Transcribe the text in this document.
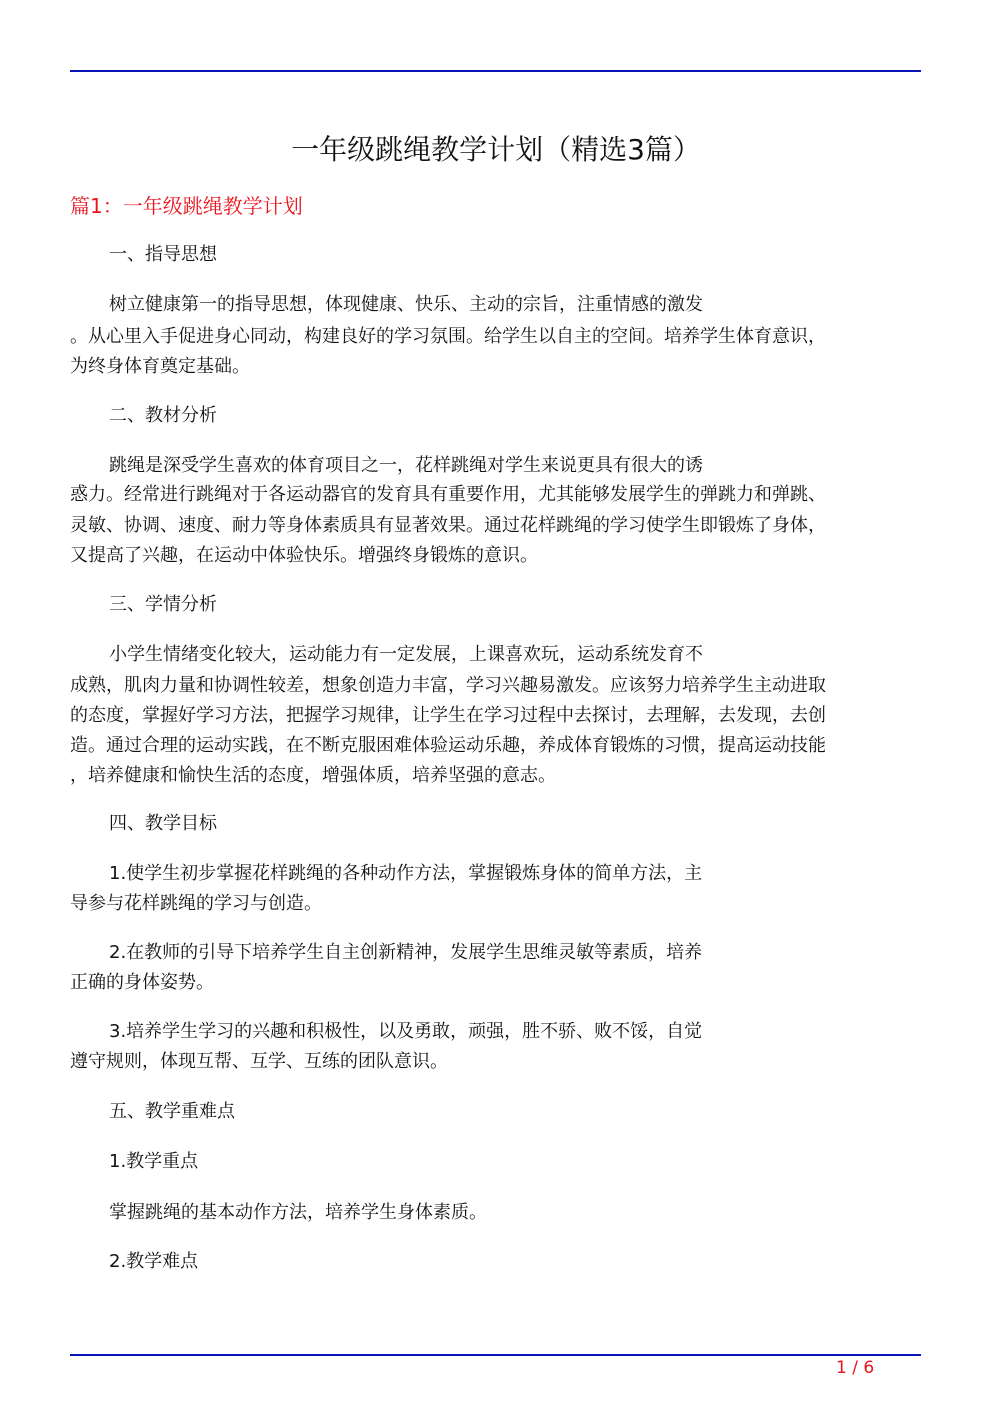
一年级跳绳教学计划（精选3篇）
篇1：一年级跳绳教学计划
一、指导思想
树立健康第一的指导思想，体现健康、快乐、主动的宗旨，注重情感的激发
。从心里入手促进身心同动，构建良好的学习氛围。给学生以自主的空间。培养学生体育意识，
为终身体育奠定基础。
二、教材分析
跳绳是深受学生喜欢的体育项目之一，花样跳绳对学生来说更具有很大的诱
惑力。经常进行跳绳对于各运动器官的发育具有重要作用，尤其能够发展学生的弹跳力和弹跳、
灵敏、协调、速度、耐力等身体素质具有显著效果。通过花样跳绳的学习使学生即锻炼了身体，
又提高了兴趣，在运动中体验快乐。增强终身锻炼的意识。
三、学情分析
小学生情绪变化较大，运动能力有一定发展，上课喜欢玩，运动系统发育不
成熟，肌肉力量和协调性较差，想象创造力丰富，学习兴趣易激发。应该努力培养学生主动进取
的态度，掌握好学习方法，把握学习规律，让学生在学习过程中去探讨，去理解，去发现，去创
造。通过合理的运动实践，在不断克服困难体验运动乐趣，养成体育锻炼的习惯，提高运动技能
，培养健康和愉快生活的态度，增强体质，培养坚强的意志。
四、教学目标
1.使学生初步掌握花样跳绳的各种动作方法，掌握锻炼身体的简单方法，主
导参与花样跳绳的学习与创造。
2.在教师的引导下培养学生自主创新精神，发展学生思维灵敏等素质，培养
正确的身体姿势。
3.培养学生学习的兴趣和积极性，以及勇敢，顽强，胜不骄、败不馁，自觉
遵守规则，体现互帮、互学、互练的团队意识。
五、教学重难点
1.教学重点
掌握跳绳的基本动作方法，培养学生身体素质。
2.教学难点
1 / 6
